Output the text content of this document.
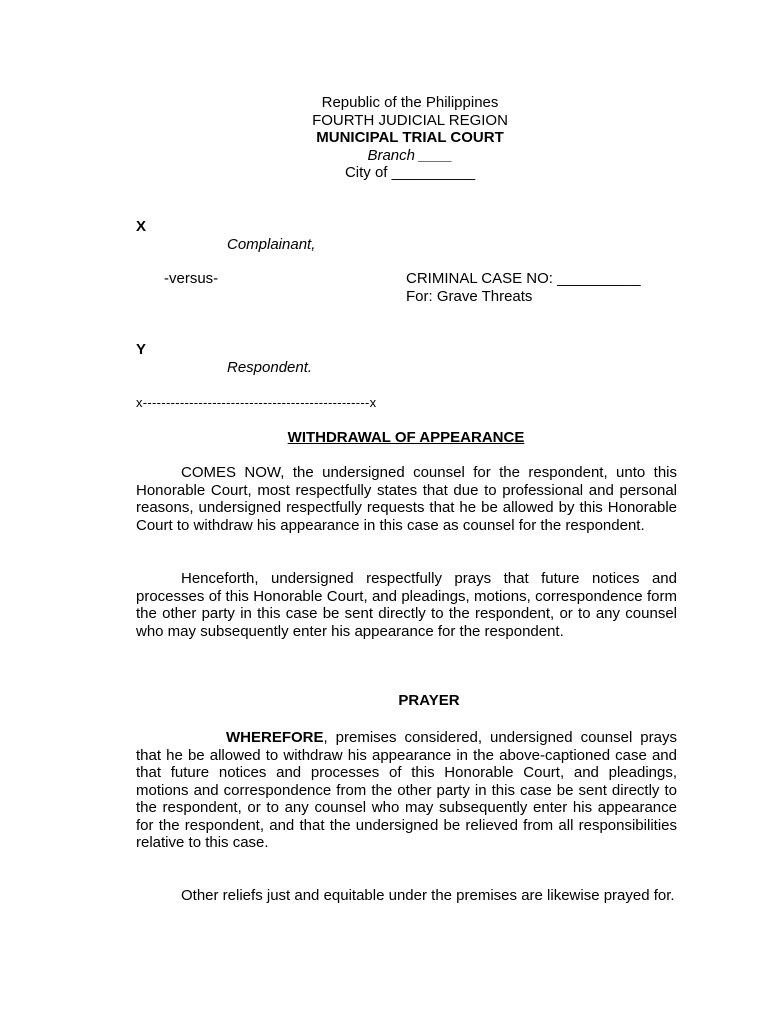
Republic of the Philippines
FOURTH JUDICIAL REGION
MUNICIPAL TRIAL COURT
Branch ____
City of __________
X
Complainant,
-versus-	CRIMINAL CASE NO: __________
For: Grave Threats
Y
Respondent.
x-------------------------------------------------x
WITHDRAWAL OF APPEARANCE

COMES NOW, the undersigned counsel for the respondent, unto this Honorable Court, most respectfully states that due to professional and personal reasons, undersigned respectfully requests that he be allowed by this Honorable Court to withdraw his appearance in this case as counsel for the respondent.

Henceforth, undersigned respectfully prays that future notices and processes of this Honorable Court, and pleadings, motions, correspondence form the other party in this case be sent directly to the respondent, or to any counsel who may subsequently enter his appearance for the respondent.

PRAYER

WHEREFORE, premises considered, undersigned counsel prays that he be allowed to withdraw his appearance in the above-captioned case and that future notices and processes of this Honorable Court, and pleadings, motions and correspondence from the other party in this case be sent directly to the respondent, or to any counsel who may subsequently enter his appearance for the respondent, and that the undersigned be relieved from all responsibilities relative to this case.

Other reliefs just and equitable under the premises are likewise prayed for.
